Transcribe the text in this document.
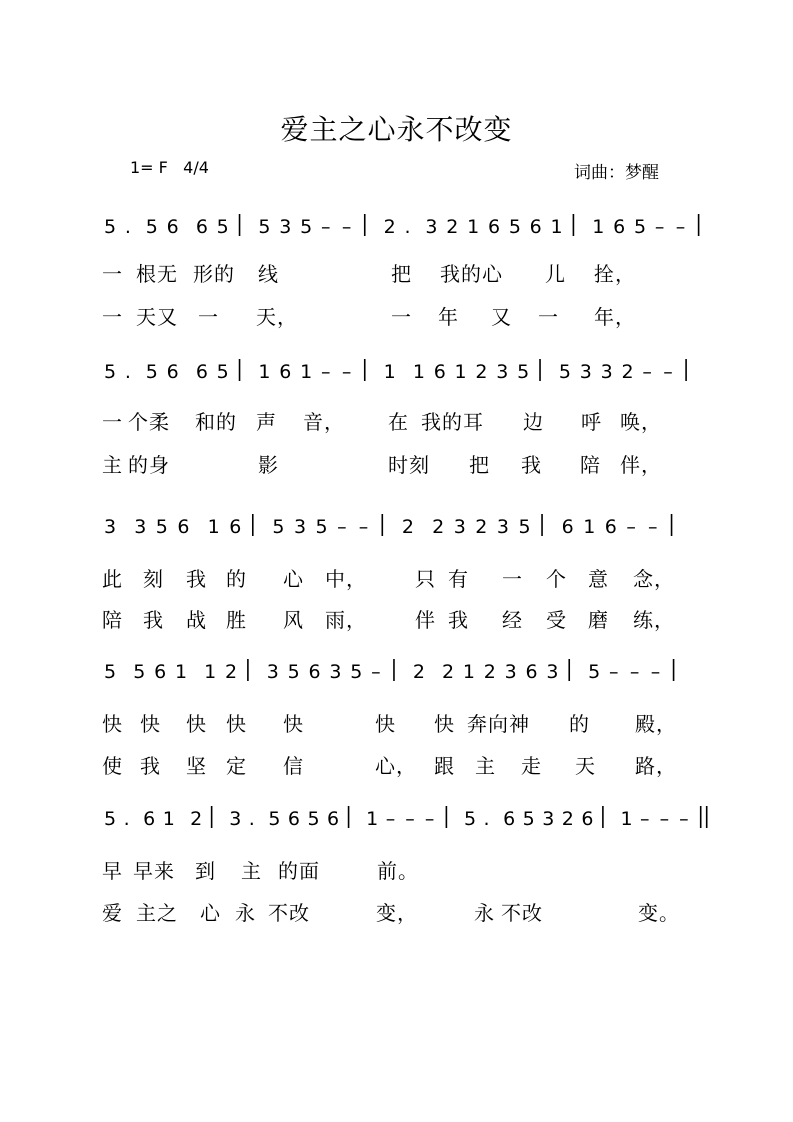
爱主之心永不改变
1= F   4/4	词曲：梦醒
5 . 5 6 6 5 5 3 5 – – 2 . 3 2 1 6 5 6 1 1 6 5 – –
5 . 5 6 6 5 1 6 1 – – 1 1 6 1 2 3 5 5 3 3 2 – –
3 3 5 6 1 6 5 3 5 – – 2 2 3 2 3 5 6 1 6 – –
5 5 6 1 1 2 3 5 6 3 5 – 2 2 1 2 3 6 3 5 – – –
5 . 6 1 2 3 . 5 6 5 6 1 – – – 5 . 6 5 3 2 6 1 – – –
一 根无 形的 线	把 我的心 儿 拴，
一 天又 一 天，	一 年 又 一 年，
一 个柔 和的 声 音， 在 我的耳 边 呼 唤，
主 的身	影	时刻 把 我 陪 伴，
此 刻 我 的 心 中， 只 有 一 个 意 念，
陪 我 战 胜 风 雨， 伴 我 经 受 磨 练，
快 快 快 快 快	快 快 奔向神 的 殿，
使 我 坚 定 信	心， 跟 主 走 天 路，
早 早来 到 主 的面	前。
爱 主之 心 永 不改	变，	永 不改	变。
